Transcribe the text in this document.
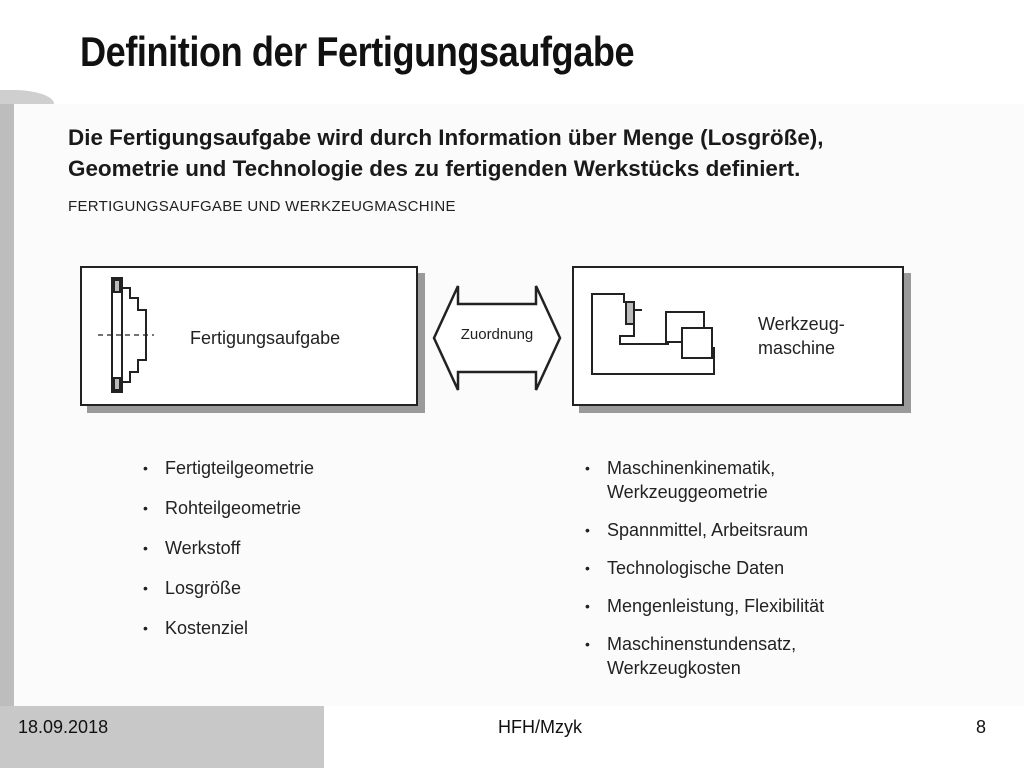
Definition der Fertigungsaufgabe
Die Fertigungsaufgabe wird durch Information über Menge (Losgröße),
Geometrie und Technologie des zu fertigenden Werkstücks definiert.
FERTIGUNGSAUFGABE UND WERKZEUGMASCHINE
Fertigungsaufgabe	Zuordnung
Werkzeug-
maschine
• Fertigteilgeometrie
• Rohteilgeometrie
• Werkstoff
• Losgröße
• Kostenziel
• Maschinenkinematik,
Werkzeuggeometrie
• Spannmittel, Arbeitsraum
• Technologische Daten
• Mengenleistung, Flexibilität
• Maschinenstundensatz,
Werkzeugkosten
18.09.2018	HFH/Mzyk	8
